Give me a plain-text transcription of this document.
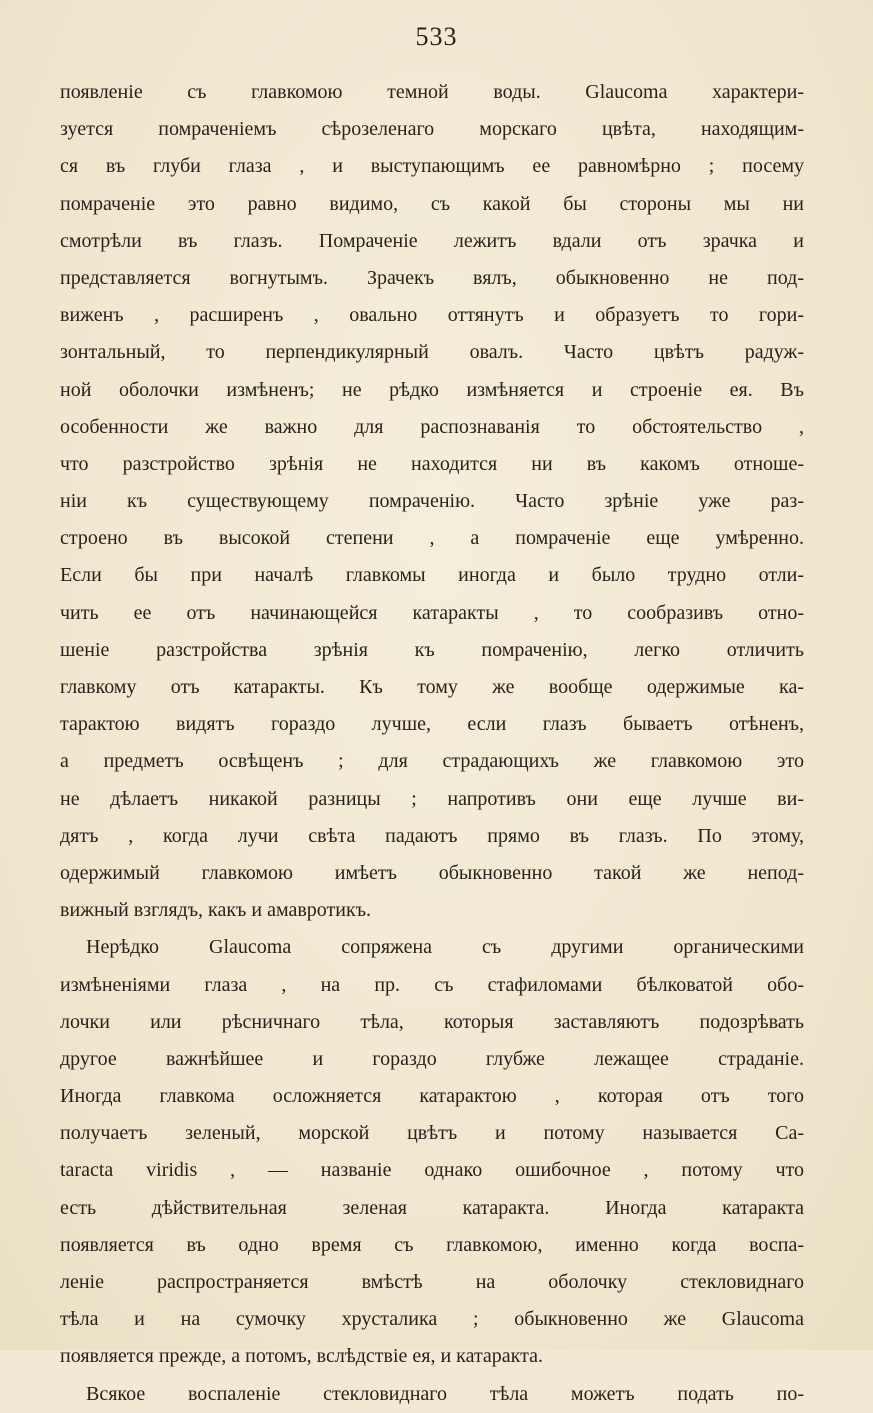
533
появленіе съ главкомою темной воды. Glaucoma характери-
зуется помраченіемъ сѣрозеленаго морскаго цвѣта, находящим-
ся въ глуби глаза , и выступающимъ ее равномѣрно ; посему
помраченіе это равно видимо, съ какой бы стороны мы ни
смотрѣли въ глазъ. Помраченіе лежитъ вдали отъ зрачка и
представляется вогнутымъ. Зрачекъ вялъ, обыкновенно не под-
виженъ , расширенъ , овально оттянутъ и образуетъ то гори-
зонтальный, то перпендикулярный овалъ. Часто цвѣтъ радуж-
ной оболочки измѣненъ; не рѣдко измѣняется и строеніе ея. Въ
особенности же важно для распознаванія то обстоятельство ,
что разстройство зрѣнія не находится ни въ какомъ отноше-
ніи къ существующему помраченію. Часто зрѣніе уже раз-
строено въ высокой степени , а помраченіе еще умѣренно.
Если бы при началѣ главкомы иногда и было трудно отли-
чить ее отъ начинающейся катаракты , то сообразивъ отно-
шеніе разстройства зрѣнія къ помраченію, легко отличить
главкому отъ катаракты. Къ тому же вообще одержимые ка-
тарактою видятъ гораздо лучше, если глазъ бываетъ отѣненъ,
а предметъ освѣщенъ ; для страдающихъ же главкомою это
не дѣлаетъ никакой разницы ; напротивъ они еще лучше ви-
дятъ , когда лучи свѣта падаютъ прямо въ глазъ. По этому,
одержимый главкомою имѣетъ обыкновенно такой же непод-
вижный взглядъ, какъ и амавротикъ.
Нерѣдко Glaucoma сопряжена съ другими органическими
измѣненіями глаза , на пр. съ стафиломами бѣлковатой обо-
лочки или рѣсничнаго тѣла, которыя заставляютъ подозрѣвать
другое важнѣйшее и гораздо глубже лежащее страданіе.
Иногда главкома осложняется катарактою , которая отъ того
получаетъ зеленый, морской цвѣтъ и потому называется Ca-
taracta viridis , — названіе однако ошибочное , потому что
есть дѣйствительная зеленая катаракта. Иногда катаракта
появляется въ одно время съ главкомою, именно когда воспа-
леніе распространяется вмѣстѣ на оболочку стекловиднаго
тѣла и на сумочку хрусталика ; обыкновенно же Glaucoma
появляется прежде, а потомъ, вслѣдствіе ея, и катаракта.
Всякое воспаленіе стекловиднаго тѣла можетъ подать по-
